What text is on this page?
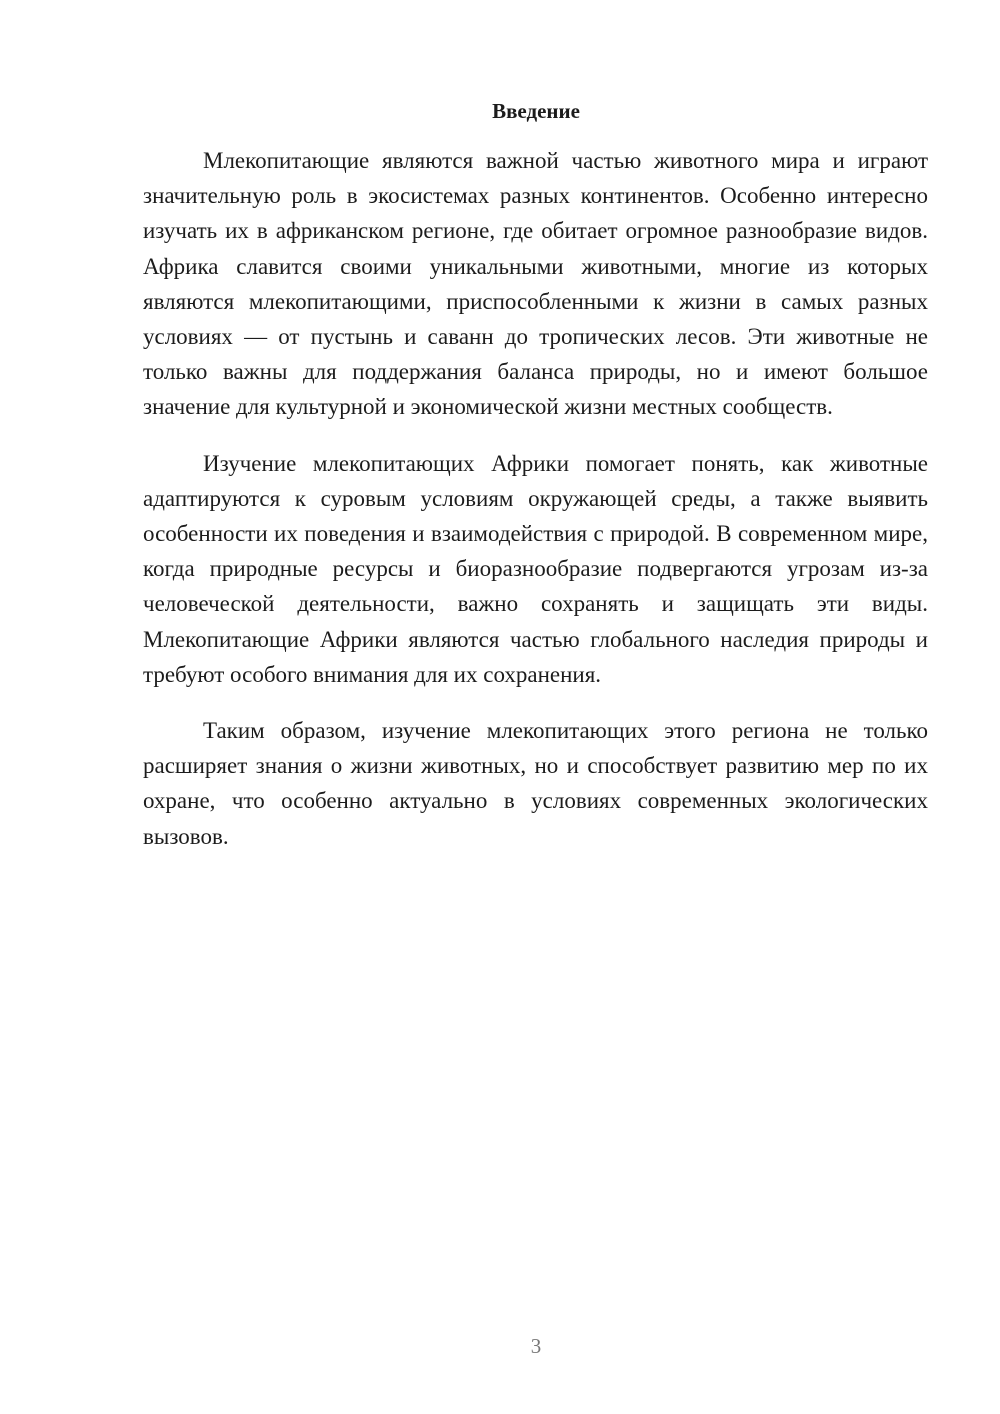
Введение

Млекопитающие являются важной частью животного мира и играют значительную роль в экосистемах разных континентов. Особенно интересно изучать их в африканском регионе, где обитает огромное разнообразие видов. Африка славится своими уникальными животными, многие из которых являются млекопитающими, приспособленными к жизни в самых разных условиях — от пустынь и саванн до тропических лесов. Эти животные не только важны для поддержания баланса природы, но и имеют большое значение для культурной и экономической жизни местных сообществ.

Изучение млекопитающих Африки помогает понять, как животные адаптируются к суровым условиям окружающей среды, а также выявить особенности их поведения и взаимодействия с природой. В современном мире, когда природные ресурсы и биоразнообразие подвергаются угрозам из-за человеческой деятельности, важно сохранять и защищать эти виды. Млекопитающие Африки являются частью глобального наследия природы и требуют особого внимания для их сохранения.

Таким образом, изучение млекопитающих этого региона не только расширяет знания о жизни животных, но и способствует развитию мер по их охране, что особенно актуально в условиях современных экологических вызовов.

3
